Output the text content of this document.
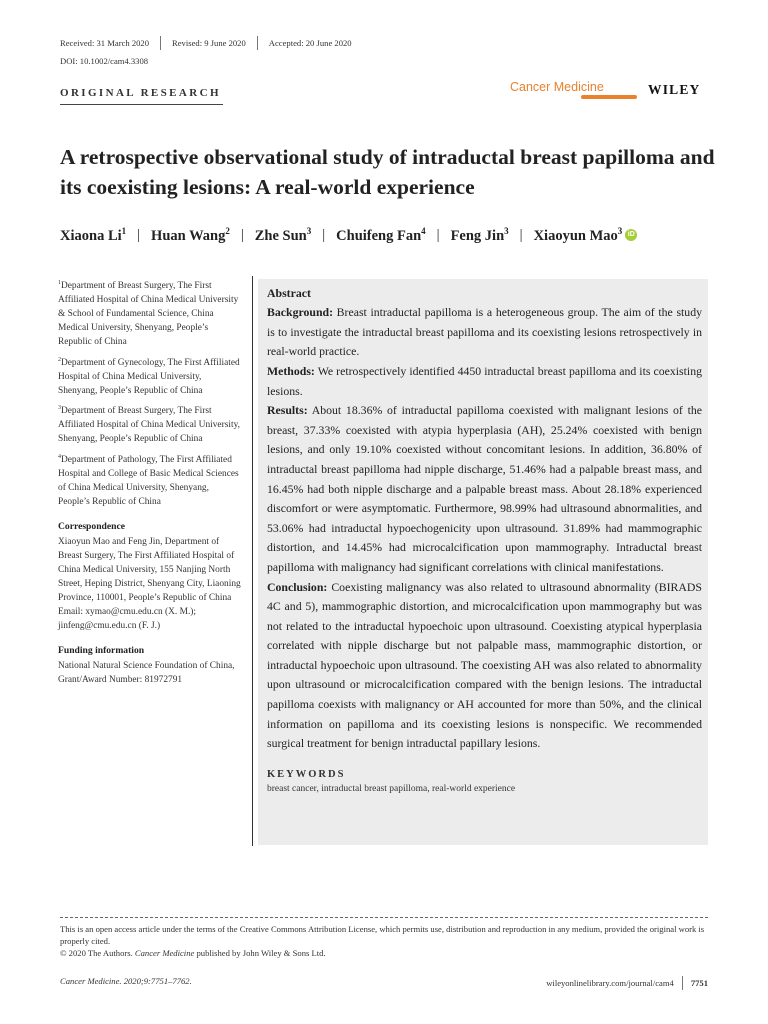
Received: 31 March 2020	Revised: 9 June 2020	Accepted: 20 June 2020
DOI: 10.1002/cam4.3308
ORIGINAL RESEARCH	Cancer Medicine	WILEY
A retrospective observational study of intraductal breast papilloma and its coexisting lesions: A real-world experience
Xiaona Li$^1$ | Huan Wang$^2$ | Zhe Sun$^3$ | Chuifeng Fan$^4$ | Feng Jin$^3$ | Xiaoyun Mao$^3$ iD

$^1$Department of Breast Surgery, The First Affiliated Hospital of China Medical University & School of Fundamental Science, China Medical University, Shenyang, People’s Republic of China

$^2$Department of Gynecology, The First Affiliated Hospital of China Medical University, Shenyang, People’s Republic of China

$^3$Department of Breast Surgery, The First Affiliated Hospital of China Medical University, Shenyang, People’s Republic of China

$^4$Department of Pathology, The First Affiliated Hospital and College of Basic Medical Sciences of China Medical University, Shenyang, People’s Republic of China

Correspondence

Xiaoyun Mao and Feng Jin, Department of Breast Surgery, The First Affiliated Hospital of China Medical University, 155 Nanjing North Street, Heping District, Shenyang City, Liaoning Province, 110001, People’s Republic of China
Email: xymao@cmu.edu.cn (X. M.); jinfeng@cmu.edu.cn (F. J.)

Funding information

National Natural Science Foundation of China, Grant/Award Number: 81972791

Abstract

Background: Breast intraductal papilloma is a heterogeneous group. The aim of the study is to investigate the intraductal breast papilloma and its coexisting lesions retrospectively in real-world practice.

Methods: We retrospectively identified 4450 intraductal breast papilloma and its coexisting lesions.

Results: About 18.36% of intraductal papilloma coexisted with malignant lesions of the breast, 37.33% coexisted with atypia hyperplasia (AH), 25.24% coexisted with benign lesions, and only 19.10% coexisted without concomitant lesions. In addition, 36.80% of intraductal breast papilloma had nipple discharge, 51.46% had a palpable breast mass, and 16.45% had both nipple discharge and a palpable breast mass. About 28.18% experienced discomfort or were asymptomatic. Furthermore, 98.99% had ultrasound abnormalities, and 53.06% had intraductal hypoechogenicity upon ultrasound. 31.89% had mammographic distortion, and 14.45% had microcalcification upon mammography. Intraductal breast papilloma with malignancy had significant correlations with clinical manifestations.

Conclusion: Coexisting malignancy was also related to ultrasound abnormality (BIRADS 4C and 5), mammographic distortion, and microcalcification upon mammography but was not related to the intraductal hypoechoic upon ultrasound. Coexisting atypical hyperplasia correlated with nipple discharge but not palpable mass, mammographic distortion, or intraductal hypoechoic upon ultrasound. The coexisting AH was also related to abnormality upon ultrasound or microcalcification compared with the benign lesions. The intraductal papilloma coexists with malignancy or AH accounted for more than 50%, and the clinical information on papilloma and its coexisting lesions is nonspecific. We recommended surgical treatment for benign intraductal papillary lesions.

KEYWORDS
breast cancer, intraductal breast papilloma, real-world experience

This is an open access article under the terms of the Creative Commons Attribution License, which permits use, distribution and reproduction in any medium, provided the original work is properly cited.

© 2020 The Authors. Cancer Medicine published by John Wiley & Sons Ltd.

Cancer Medicine. 2020;9:7751–7762.	wileyonlinelibrary.com/journal/cam4 7751
